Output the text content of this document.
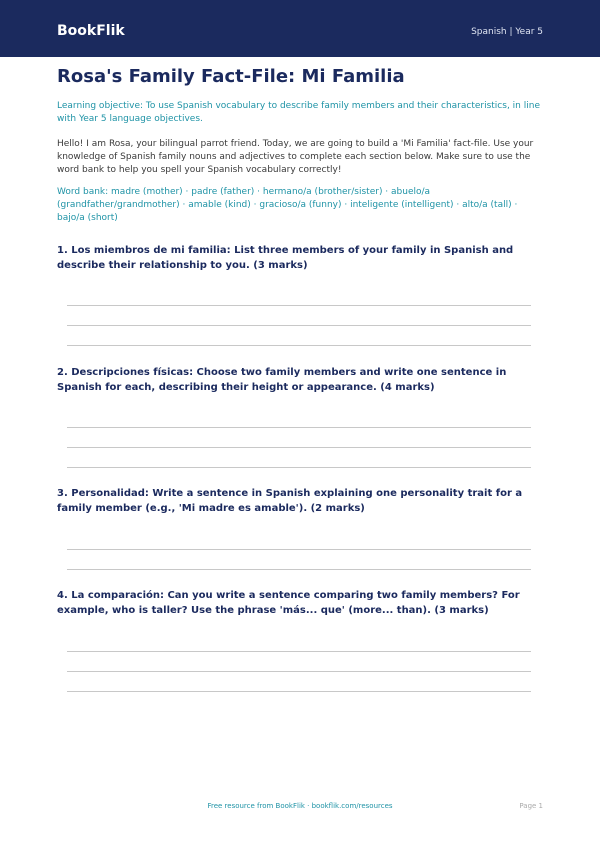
BookFlik	Spanish | Year 5
Rosa's Family Fact-File: Mi Familia

Learning objective: To use Spanish vocabulary to describe family members and their characteristics, in line with Year 5 language objectives.

Hello! I am Rosa, your bilingual parrot friend. Today, we are going to build a 'Mi Familia' fact-file. Use your knowledge of Spanish family nouns and adjectives to complete each section below. Make sure to use the word bank to help you spell your Spanish vocabulary correctly!

Word bank: madre (mother) · padre (father) · hermano/a (brother/sister) · abuelo/a (grandfather/grandmother) · amable (kind) · gracioso/a (funny) · inteligente (intelligent) · alto/a (tall) · bajo/a (short)

1. Los miembros de mi familia: List three members of your family in Spanish and describe their relationship to you. (3 marks)

2. Descripciones físicas: Choose two family members and write one sentence in Spanish for each, describing their height or appearance. (4 marks)

3. Personalidad: Write a sentence in Spanish explaining one personality trait for a family member (e.g., 'Mi madre es amable'). (2 marks)

4. La comparación: Can you write a sentence comparing two family members? For example, who is taller? Use the phrase 'más... que' (more... than). (3 marks)

Free resource from BookFlik · bookflik.com/resources	Page 1
